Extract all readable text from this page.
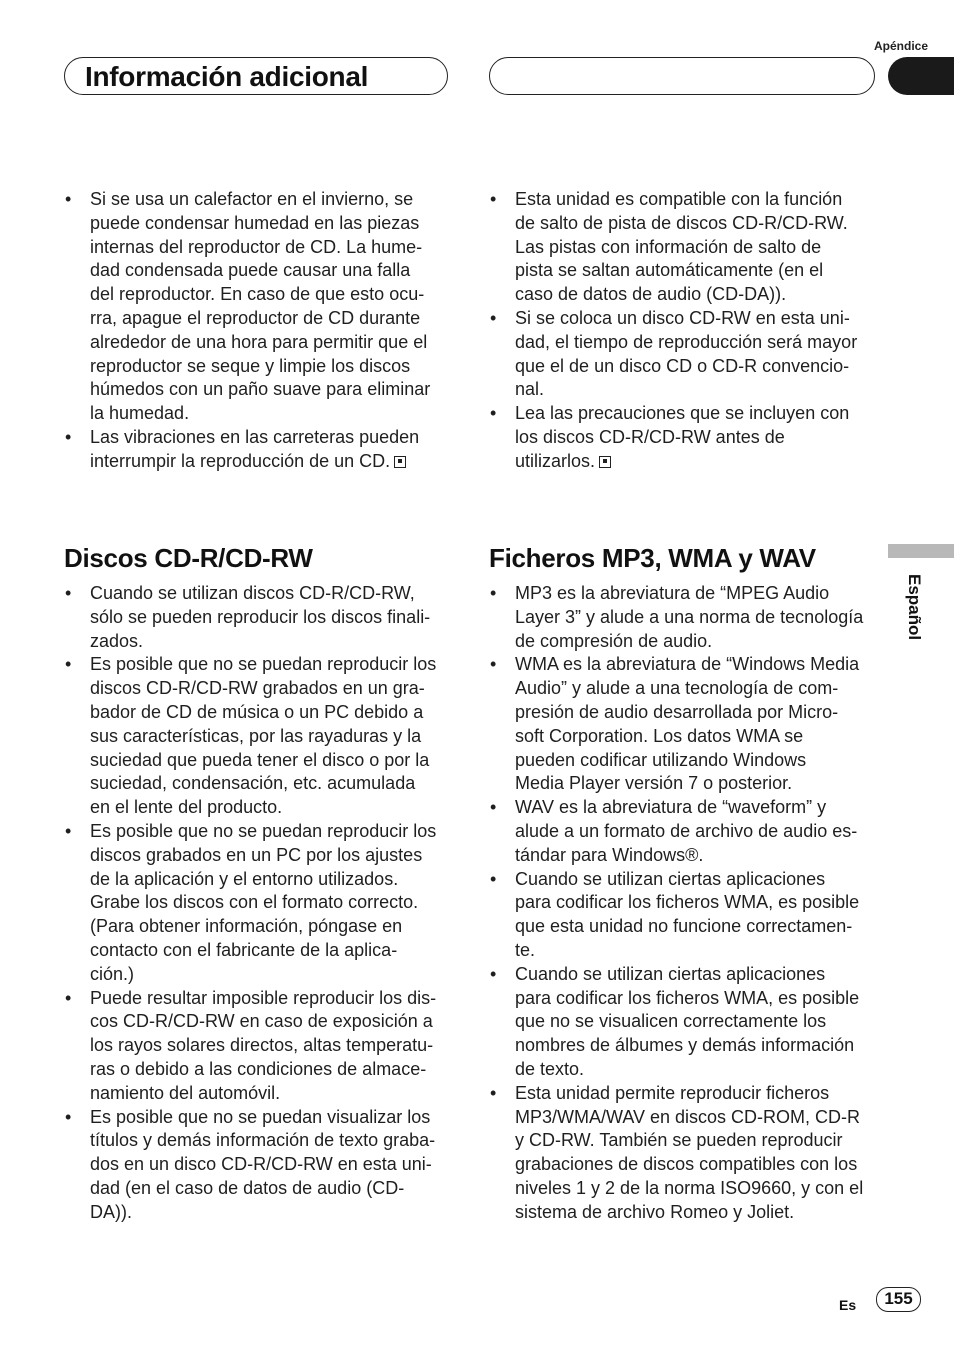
Apéndice
Información adicional
• Si se usa un calefactor en el invierno, se
puede condensar humedad en las piezas
internas del reproductor de CD. La hume-
dad condensada puede causar una falla
del reproductor. En caso de que esto ocu-
rra, apague el reproductor de CD durante
alrededor de una hora para permitir que el
reproductor se seque y limpie los discos
húmedos con un paño suave para eliminar
la humedad.
• Las vibraciones en las carreteras pueden
interrumpir la reproducción de un CD.
• Esta unidad es compatible con la función
de salto de pista de discos CD-R/CD-RW.
Las pistas con información de salto de
pista se saltan automáticamente (en el
caso de datos de audio (CD-DA)).
• Si se coloca un disco CD-RW en esta uni-
dad, el tiempo de reproducción será mayor
que el de un disco CD o CD-R convencio-
nal.
• Lea las precauciones que se incluyen con
los discos CD-R/CD-RW antes de
utilizarlos.
Discos CD-R/CD-RW	Ficheros MP3, WMA y WAV
• Cuando se utilizan discos CD-R/CD-RW,
sólo se pueden reproducir los discos finali-
zados.
• Es posible que no se puedan reproducir los
discos CD-R/CD-RW grabados en un gra-
bador de CD de música o un PC debido a
sus características, por las rayaduras y la
suciedad que pueda tener el disco o por la
suciedad, condensación, etc. acumulada
en el lente del producto.
• Es posible que no se puedan reproducir los
discos grabados en un PC por los ajustes
de la aplicación y el entorno utilizados.
Grabe los discos con el formato correcto.
(Para obtener información, póngase en
contacto con el fabricante de la aplica-
ción.)
• Puede resultar imposible reproducir los dis-
cos CD-R/CD-RW en caso de exposición a
los rayos solares directos, altas temperatu-
ras o debido a las condiciones de almace-
namiento del automóvil.
• Es posible que no se puedan visualizar los
títulos y demás información de texto graba-
dos en un disco CD-R/CD-RW en esta uni-
dad (en el caso de datos de audio (CD-
DA)).
• MP3 es la abreviatura de “MPEG Audio
Layer 3” y alude a una norma de tecnología
de compresión de audio.
• WMA es la abreviatura de “Windows Media
Audio” y alude a una tecnología de com-
presión de audio desarrollada por Micro-
soft Corporation. Los datos WMA se
pueden codificar utilizando Windows
Media Player versión 7 o posterior.
• WAV es la abreviatura de “waveform” y
alude a un formato de archivo de audio es-
tándar para Windows®.
• Cuando se utilizan ciertas aplicaciones
para codificar los ficheros WMA, es posible
que esta unidad no funcione correctamen-
te.
• Cuando se utilizan ciertas aplicaciones
para codificar los ficheros WMA, es posible
que no se visualicen correctamente los
nombres de álbumes y demás información
de texto.
• Esta unidad permite reproducir ficheros
MP3/WMA/WAV en discos CD-ROM, CD-R
y CD-RW. También se pueden reproducir
grabaciones de discos compatibles con los
niveles 1 y 2 de la norma ISO9660, y con el
sistema de archivo Romeo y Joliet.
Español
Es	155
